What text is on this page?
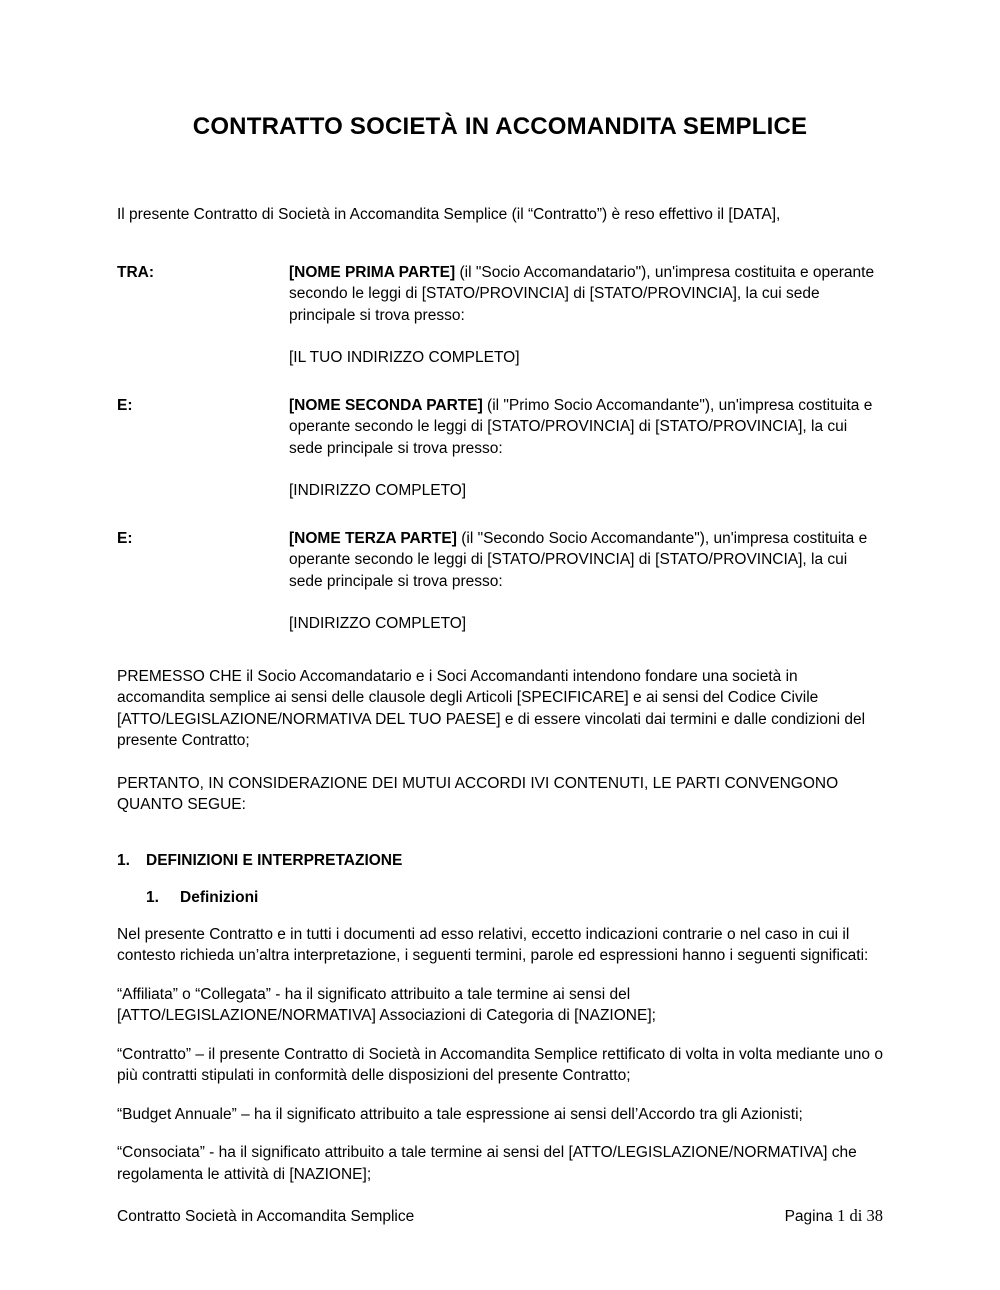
CONTRATTO SOCIETÀ IN ACCOMANDITA SEMPLICE

Il presente Contratto di Società in Accomandita Semplice (il “Contratto”) è reso effettivo il [DATA],

TRA:	[NOME PRIMA PARTE] (il "Socio Accomandatario"), un'impresa costituita e operante secondo le leggi di [STATO/PROVINCIA] di [STATO/PROVINCIA], la cui sede principale si trova presso:

[IL TUO INDIRIZZO COMPLETO]

E:	[NOME SECONDA PARTE] (il "Primo Socio Accomandante"), un'impresa costituita e operante secondo le leggi di [STATO/PROVINCIA] di [STATO/PROVINCIA], la cui sede principale si trova presso:

[INDIRIZZO COMPLETO]

E:	[NOME TERZA PARTE] (il "Secondo Socio Accomandante"), un'impresa costituita e operante secondo le leggi di [STATO/PROVINCIA] di [STATO/PROVINCIA], la cui sede principale si trova presso:

[INDIRIZZO COMPLETO]

PREMESSO CHE il Socio Accomandatario e i Soci Accomandanti intendono fondare una società in accomandita semplice ai sensi delle clausole degli Articoli [SPECIFICARE] e ai sensi del Codice Civile [ATTO/LEGISLAZIONE/NORMATIVA DEL TUO PAESE] e di essere vincolati dai termini e dalle condizioni del presente Contratto;

PERTANTO, IN CONSIDERAZIONE DEI MUTUI ACCORDI IVI CONTENUTI, LE PARTI CONVENGONO QUANTO SEGUE:

1.	DEFINIZIONI E INTERPRETAZIONE
1.	Definizioni

Nel presente Contratto e in tutti i documenti ad esso relativi, eccetto indicazioni contrarie o nel caso in cui il contesto richieda un’altra interpretazione, i seguenti termini, parole ed espressioni hanno i seguenti significati:

“Affiliata” o “Collegata” - ha il significato attribuito a tale termine ai sensi del [ATTO/LEGISLAZIONE/NORMATIVA] Associazioni di Categoria di [NAZIONE];

“Contratto” – il presente Contratto di Società in Accomandita Semplice rettificato di volta in volta mediante uno o più contratti stipulati in conformità delle disposizioni del presente Contratto;

“Budget Annuale” – ha il significato attribuito a tale espressione ai sensi dell’Accordo tra gli Azionisti;

“Consociata” - ha il significato attribuito a tale termine ai sensi del [ATTO/LEGISLAZIONE/NORMATIVA] che regolamenta le attività di [NAZIONE];

Contratto Società in Accomandita Semplice	Pagina 1 di 38
